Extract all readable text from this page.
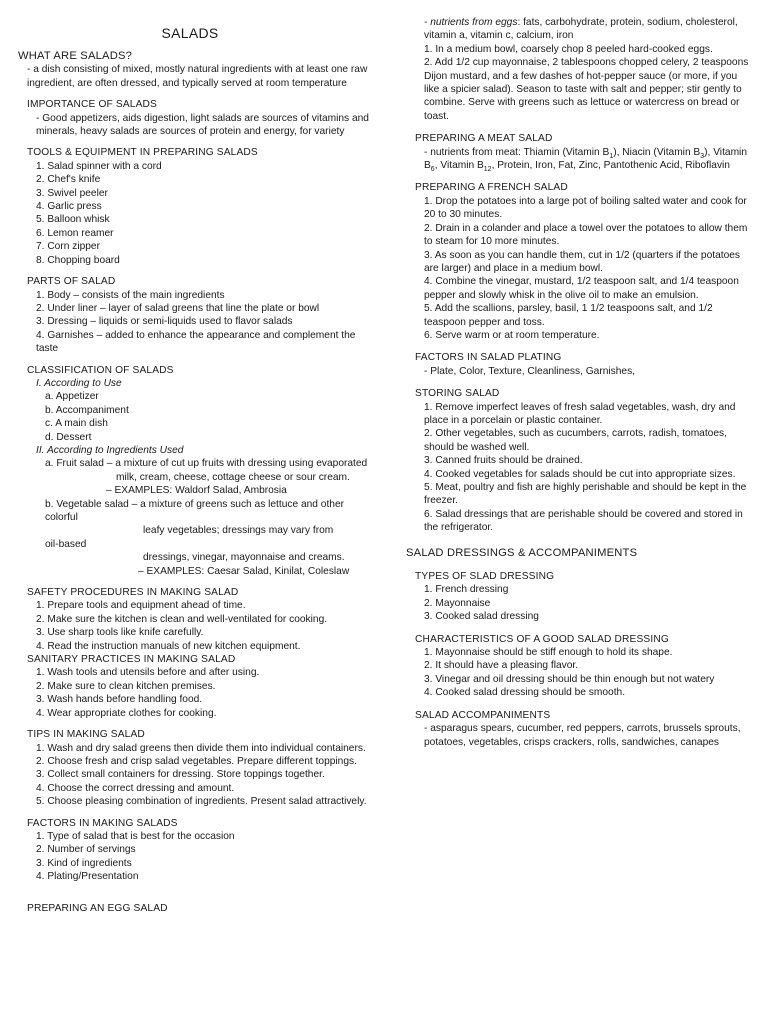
SALADS
WHAT ARE SALADS?

- a dish consisting of mixed, mostly natural ingredients with at least one raw ingredient, are often dressed, and typically served at room temperature

IMPORTANCE OF SALADS

- Good appetizers, aids digestion, light salads are sources of vitamins and minerals, heavy salads are sources of protein and energy, for variety

TOOLS & EQUIPMENT IN PREPARING SALADS
1. Salad spinner with a cord
2. Chef's knife
3. Swivel peeler
4. Garlic press
5. Balloon whisk
6. Lemon reamer
7. Corn zipper
8. Chopping board
PARTS OF SALAD
1. Body – consists of the main ingredients
2. Under liner – layer of salad greens that line the plate or bowl
3. Dressing – liquids or semi-liquids used to flavor salads
4. Garnishes – added to enhance the appearance and complement the taste
CLASSIFICATION OF SALADS

I. According to Use

a. Appetizer
b. Accompaniment
c. A main dish
d. Dessert

II. According to Ingredients Used

a. Fruit salad – a mixture of cut up fruits with dressing using evaporated

milk, cream, cheese, cottage cheese or sour cream.

– EXAMPLES: Waldorf Salad, Ambrosia

b. Vegetable salad – a mixture of greens such as lettuce and other colorful

leafy vegetables; dressings may vary from

oil-based

dressings, vinegar, mayonnaise and creams.

– EXAMPLES: Caesar Salad, Kinilat, Coleslaw

SAFETY PROCEDURES IN MAKING SALAD
1. Prepare tools and equipment ahead of time.
2. Make sure the kitchen is clean and well-ventilated for cooking.
3. Use sharp tools like knife carefully.
4. Read the instruction manuals of new kitchen equipment.
SANITARY PRACTICES IN MAKING SALAD
1. Wash tools and utensils before and after using.
2. Make sure to clean kitchen premises.
3. Wash hands before handling food.
4. Wear appropriate clothes for cooking.
TIPS IN MAKING SALAD
1. Wash and dry salad greens then divide them into individual containers.
2. Choose fresh and crisp salad vegetables. Prepare different toppings.
3. Collect small containers for dressing. Store toppings together.
4. Choose the correct dressing and amount.
5. Choose pleasing combination of ingredients. Present salad attractively.
FACTORS IN MAKING SALADS
1. Type of salad that is best for the occasion
2. Number of servings
3. Kind of ingredients
4. Plating/Presentation
PREPARING AN EGG SALAD

- nutrients from eggs: fats, carbohydrate, protein, sodium, cholesterol, vitamin a, vitamin c, calcium, iron

1. In a medium bowl, coarsely chop 8 peeled hard-cooked eggs.
2. Add 1/2 cup mayonnaise, 2 tablespoons chopped celery, 2 teaspoons Dijon mustard, and a few dashes of hot-pepper sauce (or more, if you like a spicier salad). Season to taste with salt and pepper; stir gently to combine. Serve with greens such as lettuce or watercress on bread or toast.
PREPARING A MEAT SALAD

- nutrients from meat: Thiamin (Vitamin $B_1$), Niacin (Vitamin $B_3$), Vitamin $B_6$, Vitamin $B_{12}$, Protein, Iron, Fat, Zinc, Pantothenic Acid, Riboflavin

PREPARING A FRENCH SALAD
1. Drop the potatoes into a large pot of boiling salted water and cook for 20 to 30 minutes.
2. Drain in a colander and place a towel over the potatoes to allow them to steam for 10 more minutes.
3. As soon as you can handle them, cut in 1/2 (quarters if the potatoes are larger) and place in a medium bowl.
4. Combine the vinegar, mustard, 1/2 teaspoon salt, and 1/4 teaspoon pepper and slowly whisk in the olive oil to make an emulsion.
5. Add the scallions, parsley, basil, 1 1/2 teaspoons salt, and 1/2 teaspoon pepper and toss.
6. Serve warm or at room temperature.
FACTORS IN SALAD PLATING

- Plate, Color, Texture, Cleanliness, Garnishes,

STORING SALAD
1. Remove imperfect leaves of fresh salad vegetables, wash, dry and place in a porcelain or plastic container.
2. Other vegetables, such as cucumbers, carrots, radish, tomatoes, should be washed well.
3. Canned fruits should be drained.
4. Cooked vegetables for salads should be cut into appropriate sizes.
5. Meat, poultry and fish are highly perishable and should be kept in the freezer.
6. Salad dressings that are perishable should be covered and stored in the refrigerator.
SALAD DRESSINGS & ACCOMPANIMENTS
TYPES OF SLAD DRESSING
1. French dressing
2. Mayonnaise
3. Cooked salad dressing
CHARACTERISTICS OF A GOOD SALAD DRESSING
1. Mayonnaise should be stiff enough to hold its shape.
2. It should have a pleasing flavor.
3. Vinegar and oil dressing should be thin enough but not watery
4. Cooked salad dressing should be smooth.
SALAD ACCOMPANIMENTS

- asparagus spears, cucumber, red peppers, carrots, brussels sprouts, potatoes, vegetables, crisps crackers, rolls, sandwiches, canapes
